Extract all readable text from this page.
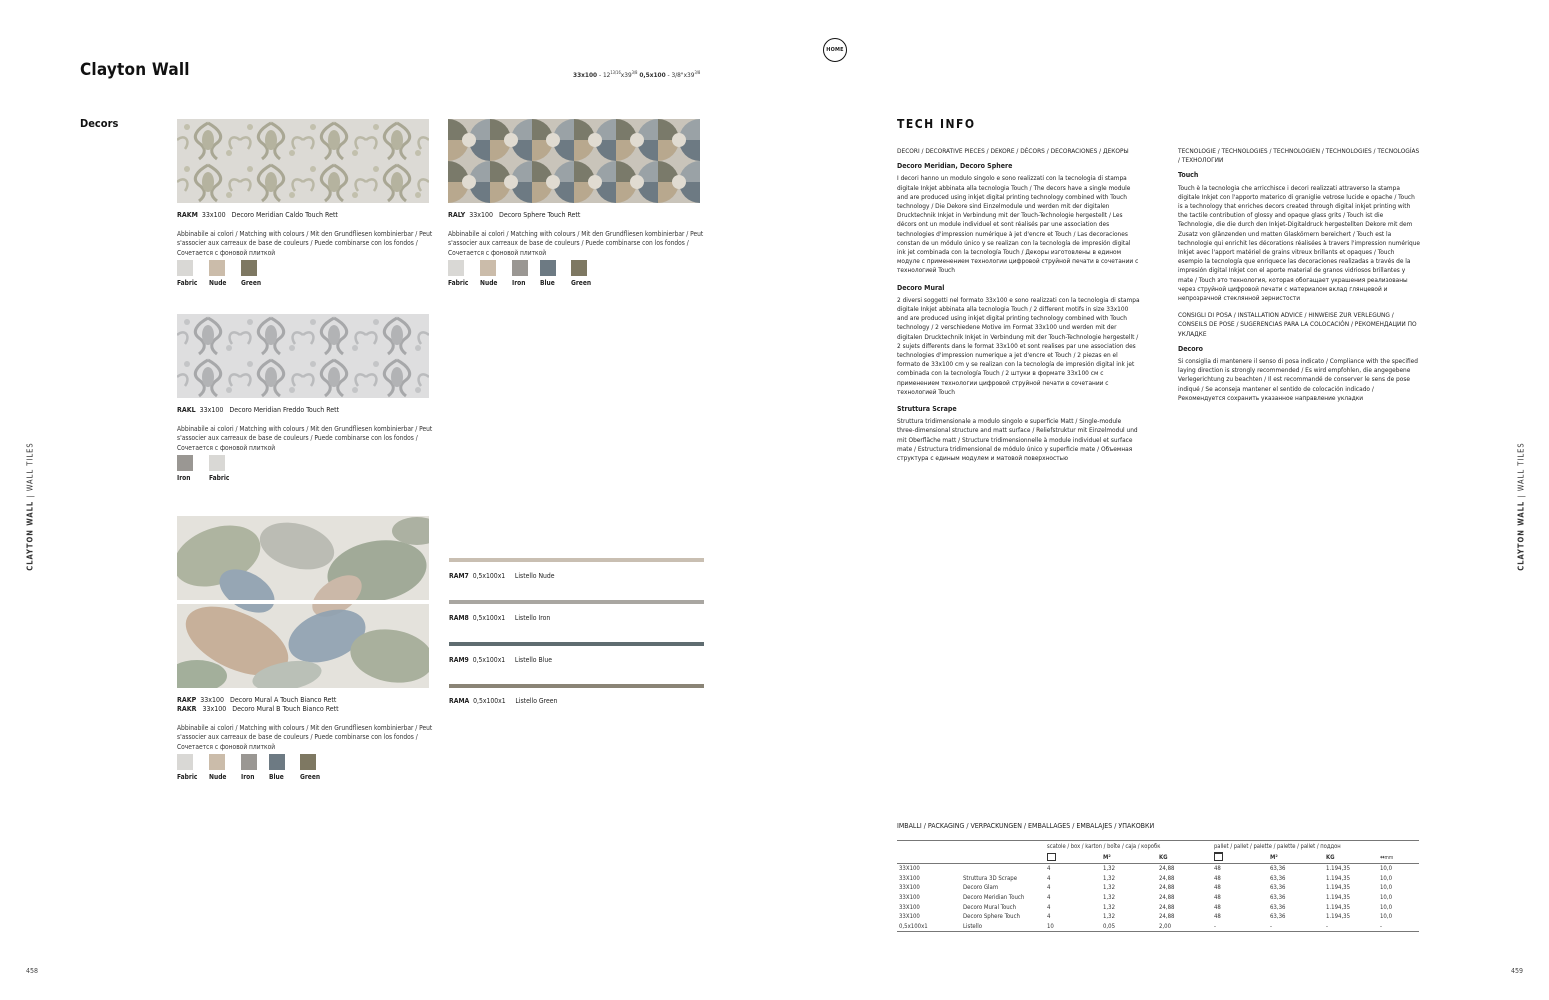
Clayton Wall	$33x100 - 12^{13/16}x39^{3/8}$ $0,5x100 - 3/8"x39^{3/8}$
HOME
Decors
CLAYTON WALL | WALL TILES
CLAYTON WALL | WALL TILES
458	459
RAKM 33x100 Decoro Meridian Caldo Touch Rett
Abbinabile ai colori / Matching with colours / Mit den Grundfliesen kombinierbar / Peut s'associer aux carreaux de base de couleurs / Puede combinarse con los fondos / Сочетается с фоновой плиткой
Fabric Nude Green
RALY 33x100 Decoro Sphere Touch Rett
Abbinabile ai colori / Matching with colours / Mit den Grundfliesen kombinierbar / Peut s'associer aux carreaux de base de couleurs / Puede combinarse con los fondos / Сочетается с фоновой плиткой
Fabric Nude Iron Blue Green
RAKL 33x100 Decoro Meridian Freddo Touch Rett
Abbinabile ai colori / Matching with colours / Mit den Grundfliesen kombinierbar / Peut s'associer aux carreaux de base de couleurs / Puede combinarse con los fondos / Сочетается с фоновой плиткой
Iron	Fabric
RAKP 33x100 Decoro Mural A Touch Bianco Rett
RAKR 33x100 Decoro Mural B Touch Bianco Rett
Abbinabile ai colori / Matching with colours / Mit den Grundfliesen kombinierbar / Peut s'associer aux carreaux de base de couleurs / Puede combinarse con los fondos / Сочетается с фоновой плиткой
Fabric Nude Iron Blue Green
RAM7 0,5x100x1 Listello Nude
RAM8 0,5x100x1 Listello Iron
RAM9 0,5x100x1 Listello Blue
RAMA 0,5x100x1 Listello Green
TECH INFO

DECORI / DECORATIVE PIECES / DEKORE / DÉCORS / DECORACIONES / ДЕКОРЫ

Decoro Meridian, Decoro Sphere

I decori hanno un modulo singolo e sono realizzati con la tecnologia di stampa digitale Inkjet abbinata alla tecnologia Touch / The decors have a single module and are produced using inkjet digital printing technology combined with Touch technology / Die Dekore sind Einzelmodule und werden mit der digitalen Drucktechnik Inkjet in Verbindung mit der Touch-Technologie hergestellt / Les décors ont un module individuel et sont réalisés par une association des technologies d'impression numérique à jet d'encre et Touch / Las decoraciones constan de un módulo único y se realizan con la tecnología de impresión digital ink jet combinada con la tecnología Touch / Декоры изготовлены в едином модуле с применением технологии цифровой струйной печати в сочетании с технологией Touch

Decoro Mural

2 diversi soggetti nel formato 33x100 e sono realizzati con la tecnologia di stampa digitale Inkjet abbinata alla tecnologia Touch / 2 different motifs in size 33x100 and are produced using inkjet digital printing technology combined with Touch technology / 2 verschiedene Motive im Format 33x100 und werden mit der digitalen Drucktechnik Inkjet in Verbindung mit der Touch-Technologie hergestellt / 2 sujets differents dans le format 33x100 et sont realises par une association des technologies d'impression numerique a jet d'encre et Touch / 2 piezas en el formato de 33x100 cm y se realizan con la tecnología de impresión digital ink jet combinada con la tecnología Touch / 2 штуки в формате 33x100 см с применением технологии цифровой струйной печати в сочетании с технологией Touch

Struttura Scrape

Struttura tridimensionale a modulo singolo e superficie Matt / Single-module three-dimensional structure and matt surface / Reliefstruktur mit Einzelmodul und mit Oberfläche matt / Structure tridimensionnelle à module individuel et surface mate / Estructura tridimensional de módulo único y superficie mate / Объемная структура с единым модулем и матовой поверхностью

TECNOLOGIE / TECHNOLOGIES / TECHNOLOGIEN / TECHNOLOGIES / TECNOLOGÍAS / ТЕХНОЛОГИИ

Touch

Touch è la tecnologia che arricchisce i decori realizzati attraverso la stampa digitale Inkjet con l'apporto materico di graniglie vetrose lucide e opache / Touch is a technology that enriches decors created through digital inkjet printing with the tactile contribution of glossy and opaque glass grits / Touch ist die Technologie, die die durch den Inkjet-Digitaldruck hergestellten Dekore mit dem Zusatz von glänzenden und matten Glaskörnern bereichert / Touch est la technologie qui enrichit les décorations réalisées à travers l'impression numérique Inkjet avec l'apport matériel de grains vitreux brillants et opaques / Touch esempio la tecnología que enriquece las decoraciones realizadas a través de la impresión digital Inkjet con el aporte material de granos vidriosos brillantes y mate / Touch это технология, которая обогащает украшения реализованы через струйной цифровой печати с материалом вклад глянцевой и непрозрачной стеклянной зернистости

CONSIGLI DI POSA / INSTALLATION ADVICE / HINWEISE ZUR VERLEGUNG / CONSEILS DE POSE / SUGERENCIAS PARA LA COLOCACIÓN / РЕКОМЕНДАЦИИ ПО УКЛАДКЕ

Decoro

Si consiglia di mantenere il senso di posa indicato / Compliance with the specified laying direction is strongly recommended / Es wird empfohlen, die angegebene Verlegerichtung zu beachten / Il est recommandé de conserver le sens de pose indiqué / Se aconseja mantener el sentido de colocación indicado / Рекомендуется сохранить указанное направление укладки

IMBALLI / PACKAGING / VERPACKUNGEN / EMBALLAGES / EMBALAJES / УПАКОВКИ
		scatole / box / karton / boîte / caja / коробк			pallet / pallet / palette / palette / pallet / поддон			
			M²	KG		M²	KG	↔mm
33X100		4	1,32	24,88	48	63,36	1.194,35	10,0
33X100	Struttura 3D Scrape	4	1,32	24,88	48	63,36	1.194,35	10,0
33X100	Decoro Glam	4	1,32	24,88	48	63,36	1.194,35	10,0
33X100	Decoro Meridian Touch	4	1,32	24,88	48	63,36	1.194,35	10,0
33X100	Decoro Mural Touch	4	1,32	24,88	48	63,36	1.194,35	10,0
33X100	Decoro Sphere Touch	4	1,32	24,88	48	63,36	1.194,35	10,0
0,5x100x1	Listello	10	0,05	2,00	-	-	-	-
